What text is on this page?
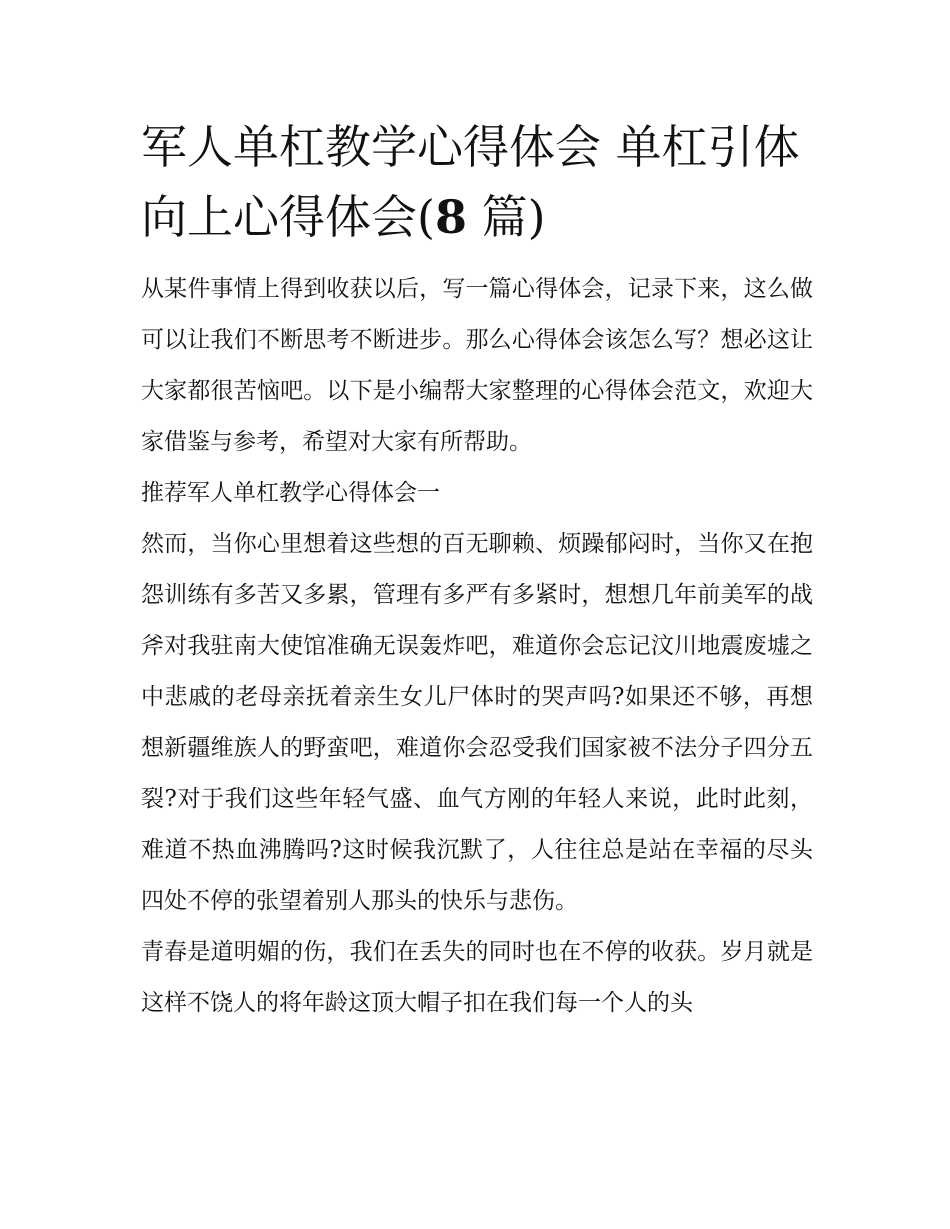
军人单杠教学心得体会 单杠引体向上心得体会(8 篇)

从某件事情上得到收获以后，写一篇心得体会，记录下来，这么做可以让我们不断思考不断进步。那么心得体会该怎么写？想必这让大家都很苦恼吧。以下是小编帮大家整理的心得体会范文，欢迎大家借鉴与参考，希望对大家有所帮助。

推荐军人单杠教学心得体会一

然而，当你心里想着这些想的百无聊赖、烦躁郁闷时，当你又在抱怨训练有多苦又多累，管理有多严有多紧时，想想几年前美军的战斧对我驻南大使馆准确无误轰炸吧，难道你会忘记汶川地震废墟之中悲戚的老母亲抚着亲生女儿尸体时的哭声吗?如果还不够，再想想新疆维族人的野蛮吧，难道你会忍受我们国家被不法分子四分五裂?对于我们这些年轻气盛、血气方刚的年轻人来说，此时此刻，难道不热血沸腾吗?这时候我沉默了，人往往总是站在幸福的尽头四处不停的张望着别人那头的快乐与悲伤。

青春是道明媚的伤，我们在丢失的同时也在不停的收获。岁月就是这样不饶人的将年龄这顶大帽子扣在我们每一个人的头
